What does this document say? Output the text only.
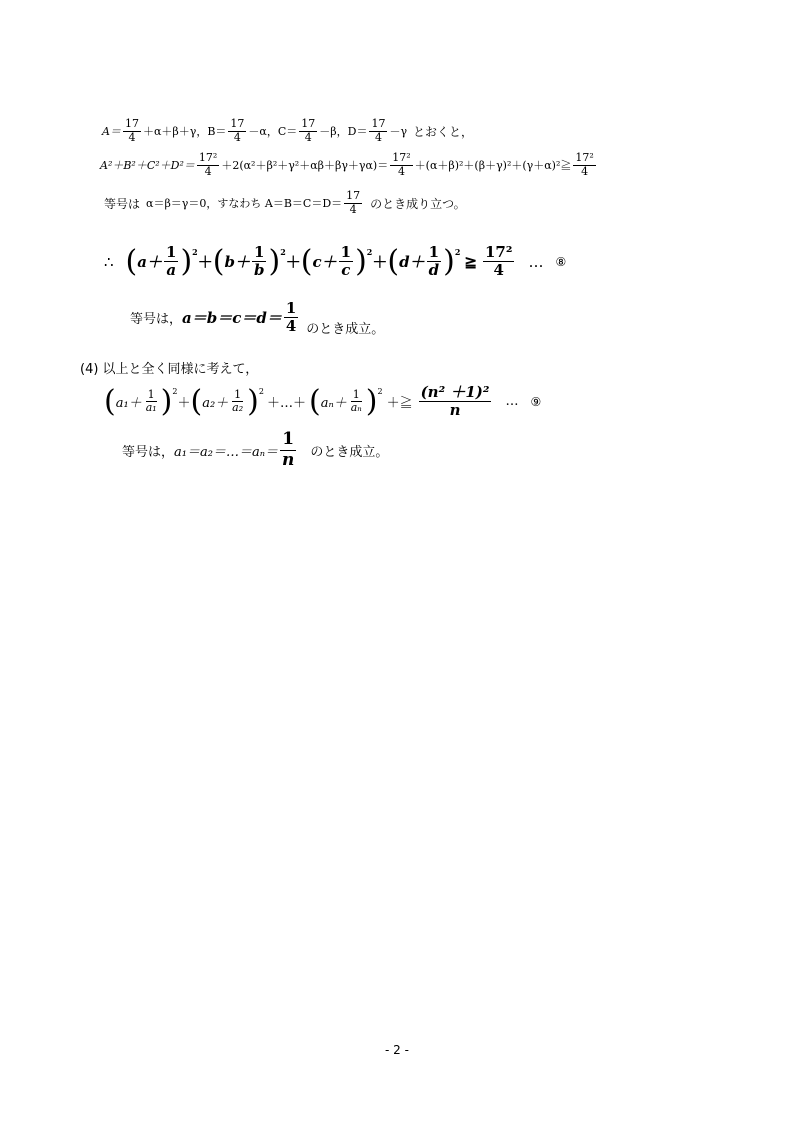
$A= \frac{17}{4} +\alpha+\beta+\gamma$，$B= \frac{17}{4} -\alpha$，$C= \frac{17}{4} -\beta$，$D= \frac{17}{4} -\gamma$ とおくと，
$A^2+B^2+C^2+D^2= \frac{\text{17²}}{4} +2(\alpha^2+\beta^2+\gamma^2+\alpha\beta+\beta\gamma+\gamma\alpha)= \frac{\text{17²}}{4}$ ＋(α＋β)²＋(β＋γ)²＋(γ＋α)²≧ $\frac{\text{17²}}{4}$
等号は α＝β＝γ＝0，すなわち $A=B=C=D= \frac{17}{4}$ のとき成り立つ。
∴ ( $a+ \frac{1}{a} )^2$
＋ ( $b+ \frac{1}{b} )^2$
＋ ( $c+ \frac{1}{c} )^2$
＋ ( $d+ \frac{1}{d} )^2$
≧ $\frac{\text{17²}}{4}$ … ⑧
等号は， $a=b=c=d= \frac{1}{4}$ のとき成立。
(4) 以上と全く同様に考えて，
( $a_1+ \frac{1}{\text{a₁}} )^2$
＋ ( $a_2+ \frac{1}{\text{a₂}} )^2$
＋…＋ ( $a_n+ \frac{1}{\text{aₙ}} )^2$
＋≧ $\frac{\text{(n² ＋1)²}}{n}$ … ⑨
等号は， a₁＝a₂＝…＝aₙ＝ $\frac{1}{n}$ のとき成立。
- 2 -
